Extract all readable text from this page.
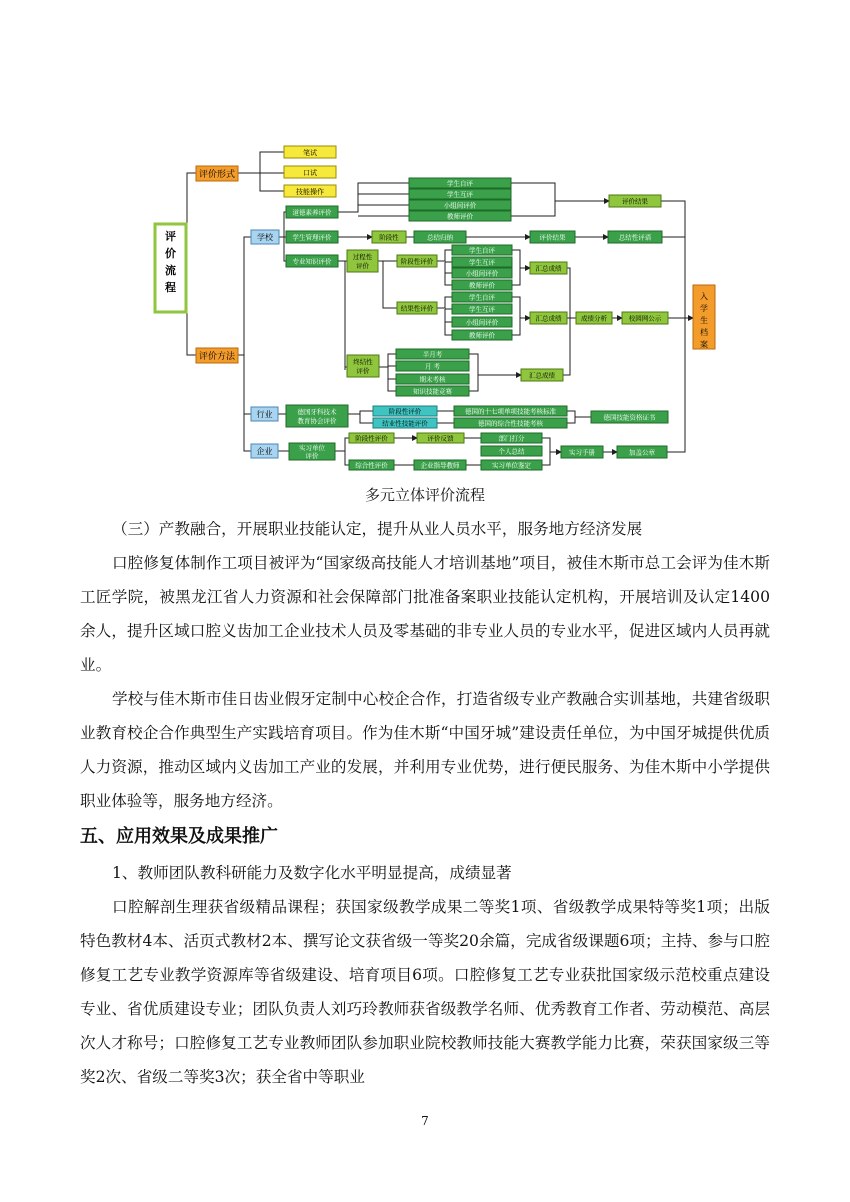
评价流程
评价形式
笔试
口试
技能操作
评价方法
学校
行业
企业
道德素养评价
学生管理评价
专业知识评价
学生自评
学生互评
小组间评价
教师评价
评价结果
阶段性	总结归纳	评价结果	总结性评语
过程性评价
阶段性评价
结果性评价
学生自评
学生互评
小组间评价
教师评价
学生自评
学生互评
小组间评价
教师评价
汇总成绩
汇总成绩	成绩分析	校园网公示
终结性评价
半月考
月 考
期末考核
知识技能竞赛
汇总成绩
入学生档案
德国牙科技术教育协会评价
阶段性评价
结业性技能评价
德国的十七项单项技能考核标准
德国的综合性技能考核
德国技能资格证书
实习单位评价
阶段性评价	评价反馈	部门打分
个人总结
综合性评价	企业指导教师	实习单位鉴定
实习手册	加盖公章
多元立体评价流程
（三）产教融合，开展职业技能认定，提升从业人员水平，服务地方经济发展
口腔修复体制作工项目被评为“国家级高技能人才培训基地”项目，被佳木斯市总工会评为佳木斯工匠学院，被黑龙江省人力资源和社会保障部门批准备案职业技能认定机构，开展培训及认定1400余人，提升区域口腔义齿加工企业技术人员及零基础的非专业人员的专业水平，促进区域内人员再就业。
学校与佳木斯市佳日齿业假牙定制中心校企合作，打造省级专业产教融合实训基地，共建省级职业教育校企合作典型生产实践培育项目。作为佳木斯“中国牙城”建设责任单位，为中国牙城提供优质人力资源，推动区域内义齿加工产业的发展，并利用专业优势，进行便民服务、为佳木斯中小学提供职业体验等，服务地方经济。
五、应用效果及成果推广
1、教师团队教科研能力及数字化水平明显提高，成绩显著
口腔解剖生理获省级精品课程；获国家级教学成果二等奖1项、省级教学成果特等奖1项；出版特色教材4本、活页式教材2本、撰写论文获省级一等奖20余篇，完成省级课题6项；主持、参与口腔修复工艺专业教学资源库等省级建设、培育项目6项。口腔修复工艺专业获批国家级示范校重点建设专业、省优质建设专业；团队负责人刘巧玲教师获省级教学名师、优秀教育工作者、劳动模范、高层次人才称号；口腔修复工艺专业教师团队参加职业院校教师技能大赛教学能力比赛，荣获国家级三等奖2次、省级二等奖3次；获全省中等职业
7
